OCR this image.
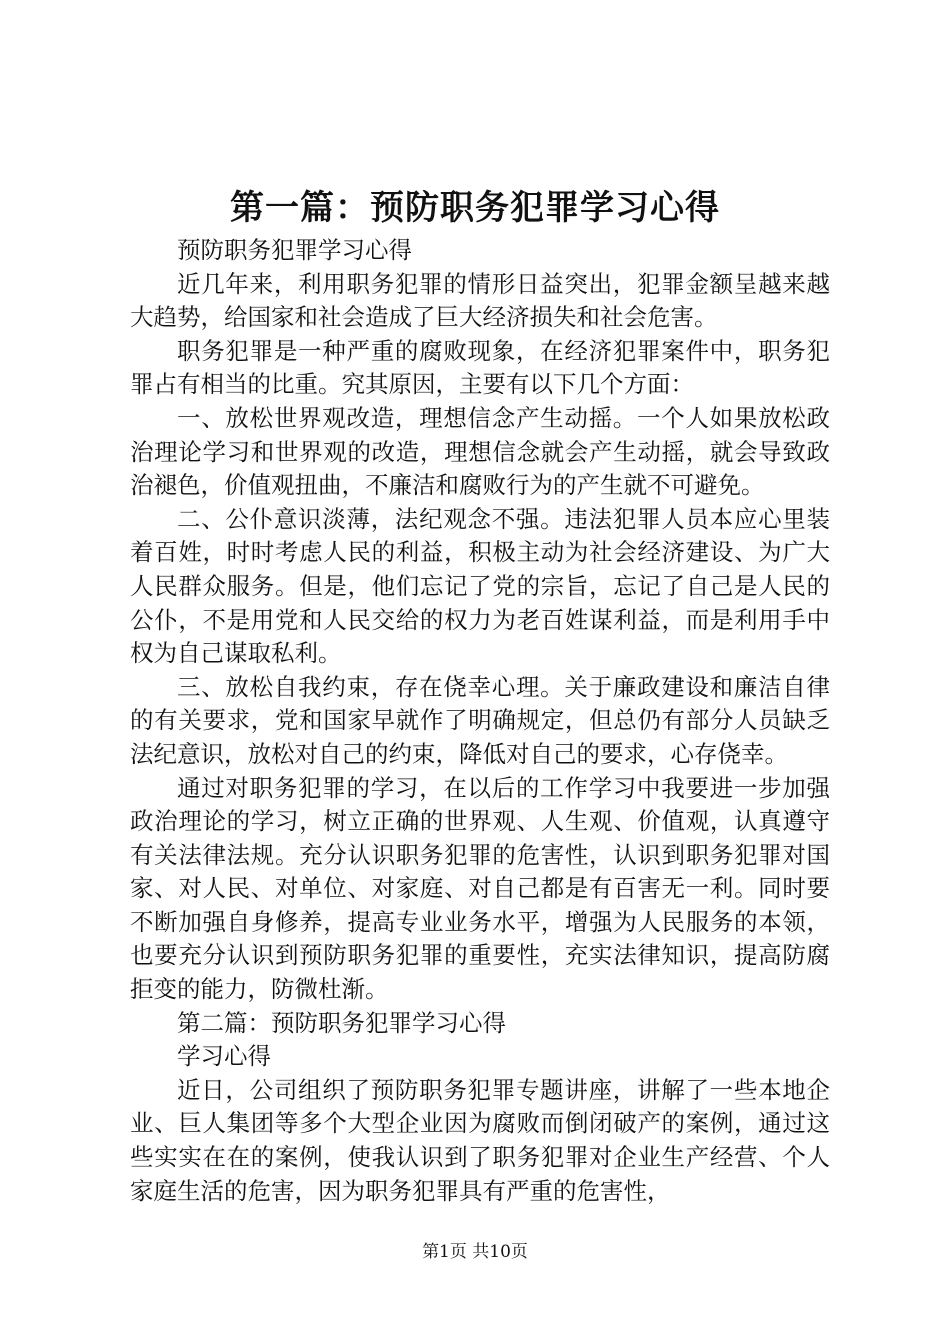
第一篇：预防职务犯罪学习心得

预防职务犯罪学习心得

近几年来，利用职务犯罪的情形日益突出，犯罪金额呈越来越大趋势，给国家和社会造成了巨大经济损失和社会危害。

职务犯罪是一种严重的腐败现象，在经济犯罪案件中，职务犯罪占有相当的比重。究其原因，主要有以下几个方面：

一、放松世界观改造，理想信念产生动摇。一个人如果放松政治理论学习和世界观的改造，理想信念就会产生动摇，就会导致政治褪色，价值观扭曲，不廉洁和腐败行为的产生就不可避免。

二、公仆意识淡薄，法纪观念不强。违法犯罪人员本应心里装着百姓，时时考虑人民的利益，积极主动为社会经济建设、为广大人民群众服务。但是，他们忘记了党的宗旨，忘记了自己是人民的公仆，不是用党和人民交给的权力为老百姓谋利益，而是利用手中权为自己谋取私利。

三、放松自我约束，存在侥幸心理。关于廉政建设和廉洁自律的有关要求，党和国家早就作了明确规定，但总仍有部分人员缺乏法纪意识，放松对自己的约束，降低对自己的要求，心存侥幸。

通过对职务犯罪的学习，在以后的工作学习中我要进一步加强政治理论的学习，树立正确的世界观、人生观、价值观，认真遵守有关法律法规。充分认识职务犯罪的危害性，认识到职务犯罪对国家、对人民、对单位、对家庭、对自己都是有百害无一利。同时要不断加强自身修养，提高专业业务水平，增强为人民服务的本领，也要充分认识到预防职务犯罪的重要性，充实法律知识，提高防腐拒变的能力，防微杜渐。

第二篇：预防职务犯罪学习心得

学习心得

近日，公司组织了预防职务犯罪专题讲座，讲解了一些本地企业、巨人集团等多个大型企业因为腐败而倒闭破产的案例，通过这些实实在在的案例，使我认识到了职务犯罪对企业生产经营、个人家庭生活的危害，因为职务犯罪具有严重的危害性，

第1页 共10页
